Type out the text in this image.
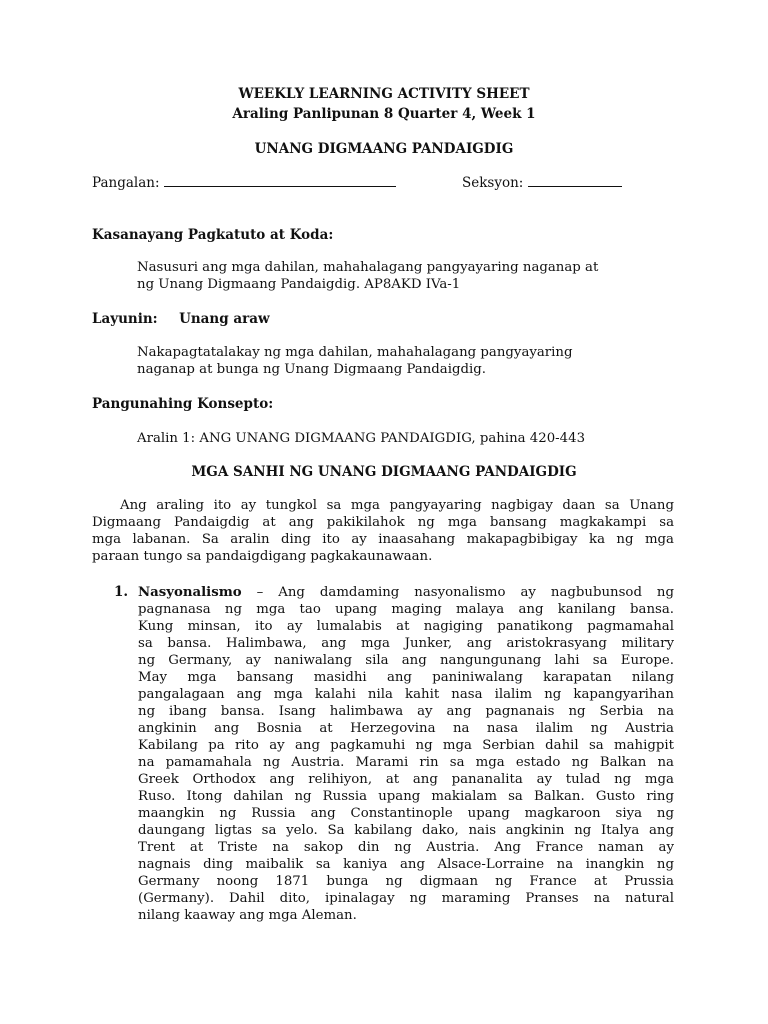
WEEKLY LEARNING ACTIVITY SHEET
Araling Panlipunan 8 Quarter 4, Week 1
UNANG DIGMAANG PANDAIGDIG
Pangalan:	Seksyon:
Kasanayang Pagkatuto at Koda:
Nasusuri ang mga dahilan, mahahalagang pangyayaring naganap at
ng Unang Digmaang Pandaigdig. AP8AKD IVa-1
Layunin: Unang araw
Nakapagtatalakay ng mga dahilan, mahahalagang pangyayaring
naganap at bunga ng Unang Digmaang Pandaigdig.
Pangunahing Konsepto:
Aralin 1: ANG UNANG DIGMAANG PANDAIGDIG, pahina 420-443
MGA SANHI NG UNANG DIGMAANG PANDAIGDIG
Ang araling ito ay tungkol sa mga pangyayaring nagbigay daan sa Unang
Digmaang Pandaigdig at ang pakikilahok ng mga bansang magkakampi sa
mga labanan. Sa aralin ding ito ay inaasahang makapagbibigay ka ng mga
paraan tungo sa pandaigdigang pagkakaunawaan.
1. Nasyonalismo – Ang damdaming nasyonalismo ay nagbubunsod ng
pagnanasa ng mga tao upang maging malaya ang kanilang bansa.
Kung minsan, ito ay lumalabis at nagiging panatikong pagmamahal
sa bansa. Halimbawa, ang mga Junker, ang aristokrasyang military
ng Germany, ay naniwalang sila ang nangungunang lahi sa Europe.
May mga bansang masidhi ang paniniwalang karapatan nilang
pangalagaan ang mga kalahi nila kahit nasa ilalim ng kapangyarihan
ng ibang bansa. Isang halimbawa ay ang pagnanais ng Serbia na
angkinin ang Bosnia at Herzegovina na nasa ilalim ng Austria
Kabilang pa rito ay ang pagkamuhi ng mga Serbian dahil sa mahigpit
na pamamahala ng Austria. Marami rin sa mga estado ng Balkan na
Greek Orthodox ang relihiyon, at ang pananalita ay tulad ng mga
Ruso. Itong dahilan ng Russia upang makialam sa Balkan. Gusto ring
maangkin ng Russia ang Constantinople upang magkaroon siya ng
daungang ligtas sa yelo. Sa kabilang dako, nais angkinin ng Italya ang
Trent at Triste na sakop din ng Austria. Ang France naman ay
nagnais ding maibalik sa kaniya ang Alsace-Lorraine na inangkin ng
Germany noong 1871 bunga ng digmaan ng France at Prussia
(Germany). Dahil dito, ipinalagay ng maraming Pranses na natural
nilang kaaway ang mga Aleman.
